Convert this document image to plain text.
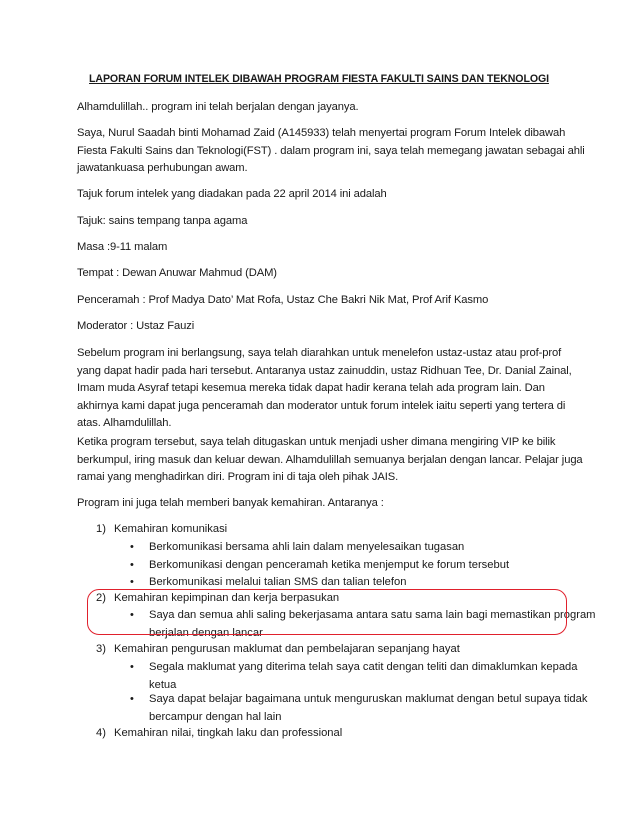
LAPORAN FORUM INTELEK DIBAWAH PROGRAM FIESTA FAKULTI SAINS DAN TEKNOLOGI

Alhamdulillah.. program ini telah berjalan dengan jayanya.

Saya, Nurul Saadah binti Mohamad Zaid (A145933) telah menyertai program Forum Intelek dibawah
Fiesta Fakulti Sains dan Teknologi(FST) . dalam program ini, saya telah memegang jawatan sebagai ahli
jawatankuasa perhubungan awam.

Tajuk forum intelek yang diadakan pada 22 april 2014 ini adalah

Tajuk: sains tempang tanpa agama

Masa :9-11 malam

Tempat : Dewan Anuwar Mahmud (DAM)

Penceramah : Prof Madya Dato’ Mat Rofa, Ustaz Che Bakri Nik Mat, Prof Arif Kasmo

Moderator : Ustaz Fauzi

Sebelum program ini berlangsung, saya telah diarahkan untuk menelefon ustaz-ustaz atau prof-prof
yang dapat hadir pada hari tersebut. Antaranya ustaz zainuddin, ustaz Ridhuan Tee, Dr. Danial Zainal,
Imam muda Asyraf tetapi kesemua mereka tidak dapat hadir kerana telah ada program lain. Dan
akhirnya kami dapat juga penceramah dan moderator untuk forum intelek iaitu seperti yang tertera di
atas. Alhamdulillah.

Ketika program tersebut, saya telah ditugaskan untuk menjadi usher dimana mengiring VIP ke bilik
berkumpul, iring masuk dan keluar dewan. Alhamdulillah semuanya berjalan dengan lancar. Pelajar juga
ramai yang menghadirkan diri. Program ini di taja oleh pihak JAIS.

Program ini juga telah memberi banyak kemahiran. Antaranya :

1) Kemahiran komunikasi
• Berkomunikasi bersama ahli lain dalam menyelesaikan tugasan
• Berkomunikasi dengan penceramah ketika menjemput ke forum tersebut
• Berkomunikasi melalui talian SMS dan talian telefon
2) Kemahiran kepimpinan dan kerja berpasukan
• Saya dan semua ahli saling bekerjasama antara satu sama lain bagi memastikan program
berjalan dengan lancar
3) Kemahiran pengurusan maklumat dan pembelajaran sepanjang hayat
• Segala maklumat yang diterima telah saya catit dengan teliti dan dimaklumkan kepada
ketua
• Saya dapat belajar bagaimana untuk menguruskan maklumat dengan betul supaya tidak
bercampur dengan hal lain
4) Kemahiran nilai, tingkah laku dan professional
